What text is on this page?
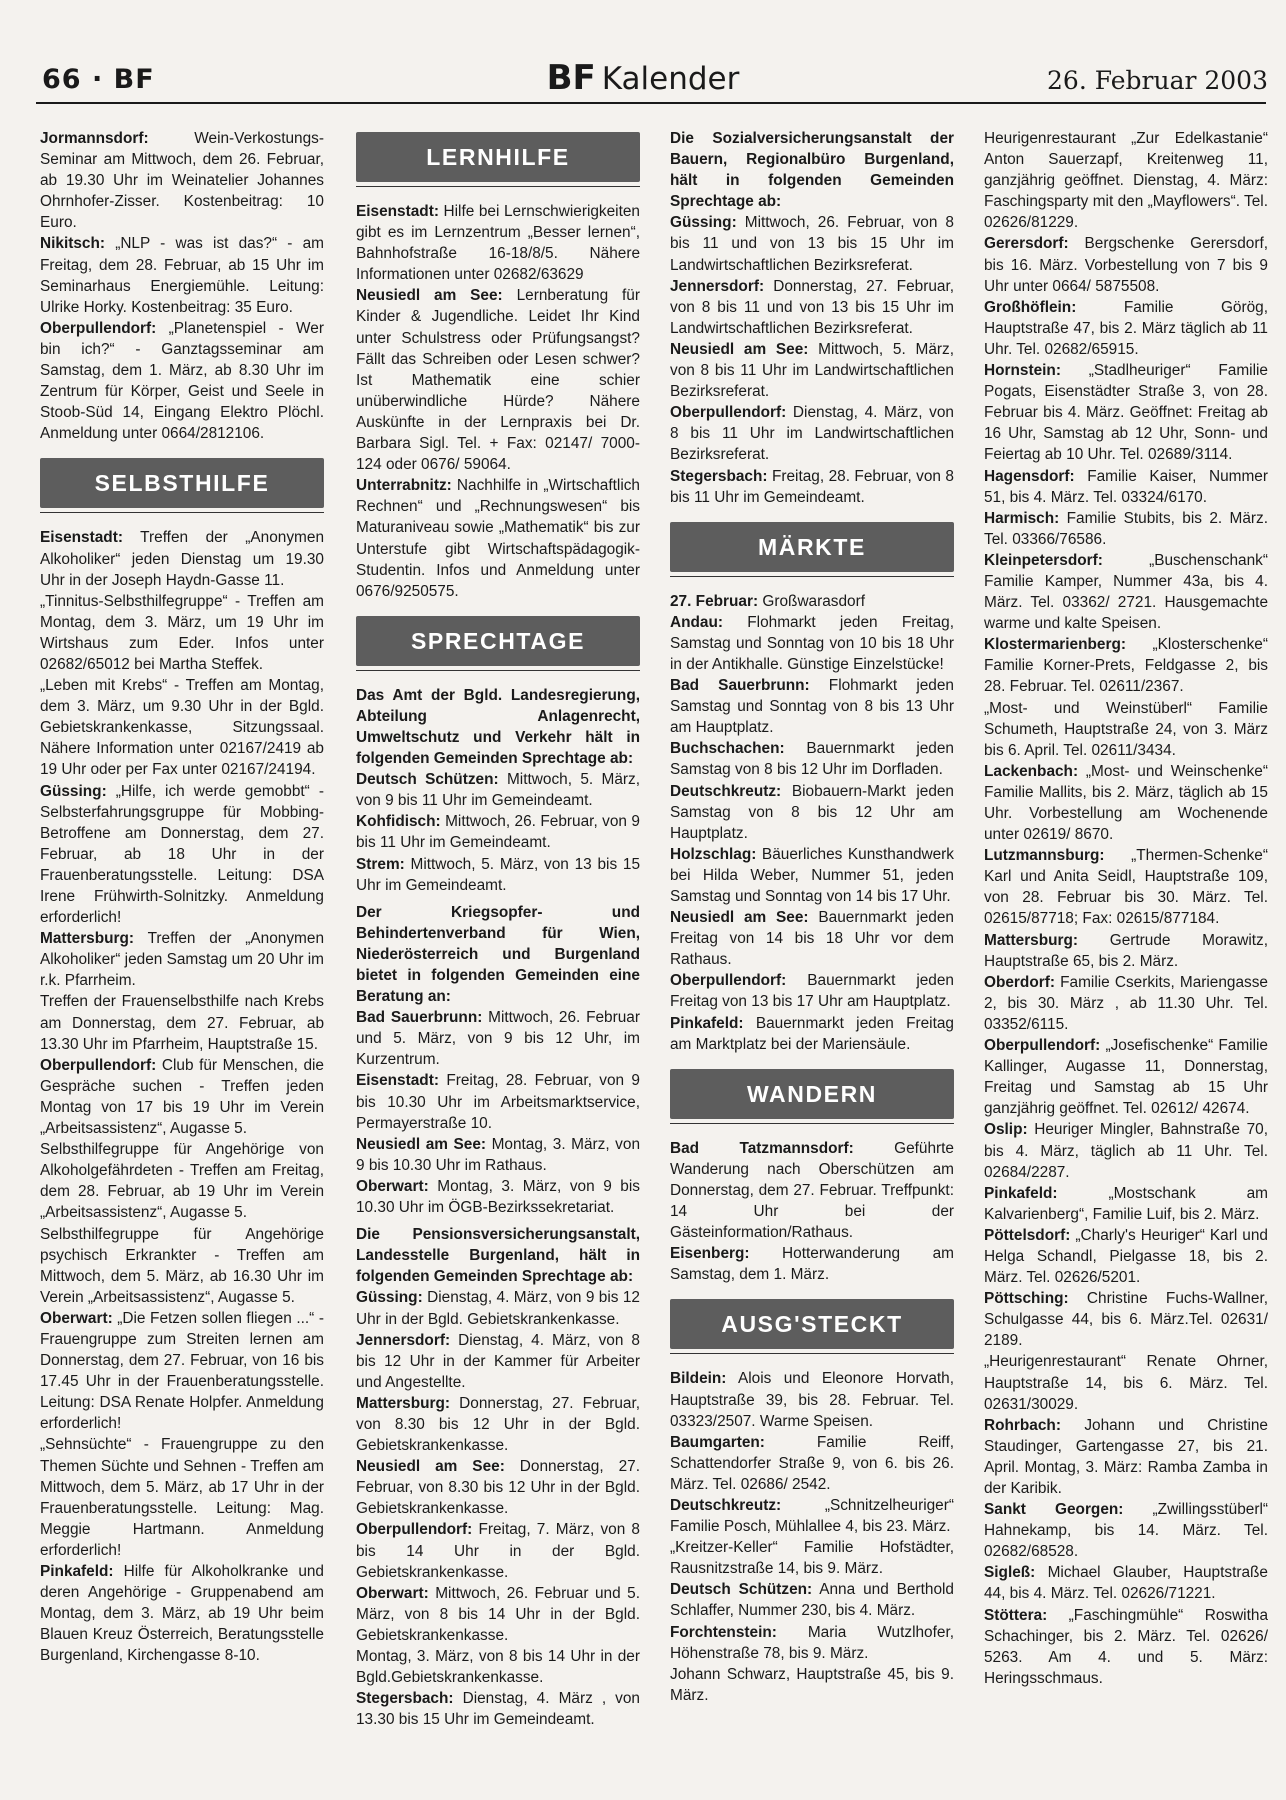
66 · BF	BF Kalender	26. Februar 2003

Jormannsdorf: Wein-Verkostungs-Seminar am Mittwoch, dem 26. Februar, ab 19.30 Uhr im Weinatelier Johannes Ohrnhofer-Zisser. Kostenbeitrag: 10 Euro.

Nikitsch: „NLP - was ist das?“ - am Freitag, dem 28. Februar, ab 15 Uhr im Seminarhaus Energiemühle. Leitung: Ulrike Horky. Kostenbeitrag: 35 Euro.

Oberpullendorf: „Planetenspiel - Wer bin ich?“ - Ganztagsseminar am Samstag, dem 1. März, ab 8.30 Uhr im Zentrum für Körper, Geist und Seele in Stoob-Süd 14, Eingang Elektro Plöchl. Anmeldung unter 0664/2812106.

SELBSTHILFE

Eisenstadt: Treffen der „Anonymen Alkoholiker“ jeden Dienstag um 19.30 Uhr in der Joseph Haydn-Gasse 11.

„Tinnitus-Selbsthilfegruppe“ - Treffen am Montag, dem 3. März, um 19 Uhr im Wirtshaus zum Eder. Infos unter 02682/65012 bei Martha Steffek.

„Leben mit Krebs“ - Treffen am Montag, dem 3. März, um 9.30 Uhr in der Bgld. Gebietskrankenkasse, Sitzungssaal. Nähere Information unter 02167/2419 ab 19 Uhr oder per Fax unter 02167/24194.

Güssing: „Hilfe, ich werde gemobbt“ - Selbsterfahrungsgruppe für Mobbing-Betroffene am Donnerstag, dem 27. Februar, ab 18 Uhr in der Frauenberatungsstelle. Leitung: DSA Irene Frühwirth-Solnitzky. Anmeldung erforderlich!

Mattersburg: Treffen der „Anonymen Alkoholiker“ jeden Samstag um 20 Uhr im r.k. Pfarrheim.

Treffen der Frauenselbsthilfe nach Krebs am Donnerstag, dem 27. Februar, ab 13.30 Uhr im Pfarrheim, Hauptstraße 15.

Oberpullendorf: Club für Menschen, die Gespräche suchen - Treffen jeden Montag von 17 bis 19 Uhr im Verein „Arbeitsassistenz“, Augasse 5.

Selbsthilfegruppe für Angehörige von Alkoholgefährdeten - Treffen am Freitag, dem 28. Februar, ab 19 Uhr im Verein „Arbeitsassistenz“, Augasse 5.

Selbsthilfegruppe für Angehörige psychisch Erkrankter - Treffen am Mittwoch, dem 5. März, ab 16.30 Uhr im Verein „Arbeitsassistenz“, Augasse 5.

Oberwart: „Die Fetzen sollen fliegen ...“ - Frauengruppe zum Streiten lernen am Donnerstag, dem 27. Februar, von 16 bis 17.45 Uhr in der Frauenberatungsstelle. Leitung: DSA Renate Holpfer. Anmeldung erforderlich!

„Sehnsüchte“ - Frauengruppe zu den Themen Süchte und Sehnen - Treffen am Mittwoch, dem 5. März, ab 17 Uhr in der Frauenberatungsstelle. Leitung: Mag. Meggie Hartmann. Anmeldung erforderlich!

Pinkafeld: Hilfe für Alkoholkranke und deren Angehörige - Gruppenabend am Montag, dem 3. März, ab 19 Uhr beim Blauen Kreuz Österreich, Beratungsstelle Burgenland, Kirchengasse 8-10.

LERNHILFE

Eisenstadt: Hilfe bei Lernschwierigkeiten gibt es im Lernzentrum „Besser lernen“, Bahnhofstraße 16-18/8/5. Nähere Informationen unter 02682/63629

Neusiedl am See: Lernberatung für Kinder & Jugendliche. Leidet Ihr Kind unter Schulstress oder Prüfungsangst? Fällt das Schreiben oder Lesen schwer? Ist Mathematik eine schier unüberwindliche Hürde? Nähere Auskünfte in der Lernpraxis bei Dr. Barbara Sigl. Tel. + Fax: 02147/ 7000-124 oder 0676/ 59064.

Unterrabnitz: Nachhilfe in „Wirtschaftlich Rechnen“ und „Rechnungswesen“ bis Maturaniveau sowie „Mathematik“ bis zur Unterstufe gibt Wirtschaftspädagogik-Studentin. Infos und Anmeldung unter 0676/9250575.

SPRECHTAGE

Das Amt der Bgld. Landesregierung, Abteilung Anlagenrecht, Umweltschutz und Verkehr hält in folgenden Gemeinden Sprechtage ab:

Deutsch Schützen: Mittwoch, 5. März, von 9 bis 11 Uhr im Gemeindeamt.

Kohfidisch: Mittwoch, 26. Februar, von 9 bis 11 Uhr im Gemeindeamt.

Strem: Mittwoch, 5. März, von 13 bis 15 Uhr im Gemeindeamt.

Der Kriegsopfer- und Behindertenverband für Wien, Niederösterreich und Burgenland bietet in folgenden Gemeinden eine Beratung an:

Bad Sauerbrunn: Mittwoch, 26. Februar und 5. März, von 9 bis 12 Uhr, im Kurzentrum.

Eisenstadt: Freitag, 28. Februar, von 9 bis 10.30 Uhr im Arbeitsmarktservice, Permayerstraße 10.

Neusiedl am See: Montag, 3. März, von 9 bis 10.30 Uhr im Rathaus.

Oberwart: Montag, 3. März, von 9 bis 10.30 Uhr im ÖGB-Bezirkssekretariat.

Die Pensionsversicherungsanstalt, Landesstelle Burgenland, hält in folgenden Gemeinden Sprechtage ab:

Güssing: Dienstag, 4. März, von 9 bis 12 Uhr in der Bgld. Gebietskrankenkasse.

Jennersdorf: Dienstag, 4. März, von 8 bis 12 Uhr in der Kammer für Arbeiter und Angestellte.

Mattersburg: Donnerstag, 27. Februar, von 8.30 bis 12 Uhr in der Bgld. Gebietskrankenkasse.

Neusiedl am See: Donnerstag, 27. Februar, von 8.30 bis 12 Uhr in der Bgld. Gebietskrankenkasse.

Oberpullendorf: Freitag, 7. März, von 8 bis 14 Uhr in der Bgld. Gebietskrankenkasse.

Oberwart: Mittwoch, 26. Februar und 5. März, von 8 bis 14 Uhr in der Bgld. Gebietskrankenkasse.

Montag, 3. März, von 8 bis 14 Uhr in der Bgld.Gebietskrankenkasse.

Stegersbach: Dienstag, 4. März , von 13.30 bis 15 Uhr im Gemeindeamt.

Die Sozialversicherungsanstalt der Bauern, Regionalbüro Burgenland, hält in folgenden Gemeinden Sprechtage ab:

Güssing: Mittwoch, 26. Februar, von 8 bis 11 und von 13 bis 15 Uhr im Landwirtschaftlichen Bezirksreferat.

Jennersdorf: Donnerstag, 27. Februar, von 8 bis 11 und von 13 bis 15 Uhr im Landwirtschaftlichen Bezirksreferat.

Neusiedl am See: Mittwoch, 5. März, von 8 bis 11 Uhr im Landwirtschaftlichen Bezirksreferat.

Oberpullendorf: Dienstag, 4. März, von 8 bis 11 Uhr im Landwirtschaftlichen Bezirksreferat.

Stegersbach: Freitag, 28. Februar, von 8 bis 11 Uhr im Gemeindeamt.

MÄRKTE

27. Februar: Großwarasdorf

Andau: Flohmarkt jeden Freitag, Samstag und Sonntag von 10 bis 18 Uhr in der Antikhalle. Günstige Einzelstücke!

Bad Sauerbrunn: Flohmarkt jeden Samstag und Sonntag von 8 bis 13 Uhr am Hauptplatz.

Buchschachen: Bauernmarkt jeden Samstag von 8 bis 12 Uhr im Dorfladen.

Deutschkreutz: Biobauern-Markt jeden Samstag von 8 bis 12 Uhr am Hauptplatz.

Holzschlag: Bäuerliches Kunsthandwerk bei Hilda Weber, Nummer 51, jeden Samstag und Sonntag von 14 bis 17 Uhr.

Neusiedl am See: Bauernmarkt jeden Freitag von 14 bis 18 Uhr vor dem Rathaus.

Oberpullendorf: Bauernmarkt jeden Freitag von 13 bis 17 Uhr am Hauptplatz.

Pinkafeld: Bauernmarkt jeden Freitag am Marktplatz bei der Mariensäule.

WANDERN

Bad Tatzmannsdorf: Geführte Wanderung nach Oberschützen am Donnerstag, dem 27. Februar. Treffpunkt: 14 Uhr bei der Gästeinformation/Rathaus.

Eisenberg: Hotterwanderung am Samstag, dem 1. März.

AUSG'STECKT

Bildein: Alois und Eleonore Horvath, Hauptstraße 39, bis 28. Februar. Tel. 03323/2507. Warme Speisen.

Baumgarten: Familie Reiff, Schattendorfer Straße 9, von 6. bis 26. März. Tel. 02686/ 2542.

Deutschkreutz: „Schnitzelheuriger“ Familie Posch, Mühlallee 4, bis 23. März.

„Kreitzer-Keller“ Familie Hofstädter, Rausnitzstraße 14, bis 9. März.

Deutsch Schützen: Anna und Berthold Schlaffer, Nummer 230, bis 4. März.

Forchtenstein: Maria Wutzlhofer, Höhenstraße 78, bis 9. März.

Johann Schwarz, Hauptstraße 45, bis 9. März.

Heurigenrestaurant „Zur Edelkastanie“ Anton Sauerzapf, Kreitenweg 11, ganzjährig geöffnet. Dienstag, 4. März: Faschingsparty mit den „Mayflowers“. Tel. 02626/81229.

Gerersdorf: Bergschenke Gerersdorf, bis 16. März. Vorbestellung von 7 bis 9 Uhr unter 0664/ 5875508.

Großhöflein: Familie Görög, Hauptstraße 47, bis 2. März täglich ab 11 Uhr. Tel. 02682/65915.

Hornstein: „Stadlheuriger“ Familie Pogats, Eisenstädter Straße 3, von 28. Februar bis 4. März. Geöffnet: Freitag ab 16 Uhr, Samstag ab 12 Uhr, Sonn- und Feiertag ab 10 Uhr. Tel. 02689/3114.

Hagensdorf: Familie Kaiser, Nummer 51, bis 4. März. Tel. 03324/6170.

Harmisch: Familie Stubits, bis 2. März. Tel. 03366/76586.

Kleinpetersdorf: „Buschenschank“ Familie Kamper, Nummer 43a, bis 4. März. Tel. 03362/ 2721. Hausgemachte warme und kalte Speisen.

Klostermarienberg: „Klosterschenke“ Familie Korner-Prets, Feldgasse 2, bis 28. Februar. Tel. 02611/2367.

„Most- und Weinstüberl“ Familie Schumeth, Hauptstraße 24, von 3. März bis 6. April. Tel. 02611/3434.

Lackenbach: „Most- und Weinschenke“ Familie Mallits, bis 2. März, täglich ab 15 Uhr. Vorbestellung am Wochenende unter 02619/ 8670.

Lutzmannsburg: „Thermen-Schenke“ Karl und Anita Seidl, Hauptstraße 109, von 28. Februar bis 30. März. Tel. 02615/87718; Fax: 02615/877184.

Mattersburg: Gertrude Morawitz, Hauptstraße 65, bis 2. März.

Oberdorf: Familie Cserkits, Mariengasse 2, bis 30. März , ab 11.30 Uhr. Tel. 03352/6115.

Oberpullendorf: „Josefischenke“ Familie Kallinger, Augasse 11, Donnerstag, Freitag und Samstag ab 15 Uhr ganzjährig geöffnet. Tel. 02612/ 42674.

Oslip: Heuriger Mingler, Bahnstraße 70, bis 4. März, täglich ab 11 Uhr. Tel. 02684/2287.

Pinkafeld: „Mostschank am Kalvarienberg“, Familie Luif, bis 2. März.

Pöttelsdorf: „Charly's Heuriger“ Karl und Helga Schandl, Pielgasse 18, bis 2. März. Tel. 02626/5201.

Pöttsching: Christine Fuchs-Wallner, Schulgasse 44, bis 6. März.Tel. 02631/ 2189.

„Heurigenrestaurant“ Renate Ohrner, Hauptstraße 14, bis 6. März. Tel. 02631/30029.

Rohrbach: Johann und Christine Staudinger, Gartengasse 27, bis 21. April. Montag, 3. März: Ramba Zamba in der Karibik.

Sankt Georgen: „Zwillingsstüberl“ Hahnekamp, bis 14. März. Tel. 02682/68528.

Sigleß: Michael Glauber, Hauptstraße 44, bis 4. März. Tel. 02626/71221.

Stöttera: „Faschingmühle“ Roswitha Schachinger, bis 2. März. Tel. 02626/ 5263. Am 4. und 5. März: Heringsschmaus.
